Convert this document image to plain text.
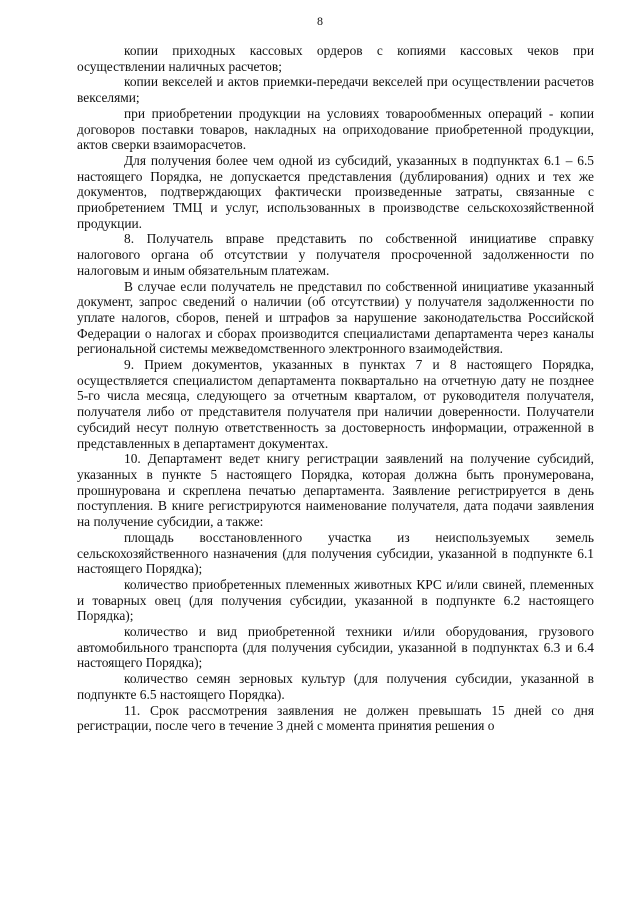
8

копии приходных кассовых ордеров с копиями кассовых чеков при осуществлении наличных расчетов;

копии векселей и актов приемки-передачи векселей при осуществлении расчетов векселями;

при приобретении продукции на условиях товарообменных операций - копии договоров поставки товаров, накладных на оприходование приобретенной продукции, актов сверки взаиморасчетов.

Для получения более чем одной из субсидий, указанных в подпунктах 6.1 – 6.5 настоящего Порядка, не допускается представления (дублирования) одних и тех же документов, подтверждающих фактически произведенные затраты, связанные с приобретением ТМЦ и услуг, использованных в производстве сельскохозяйственной продукции.

8. Получатель вправе представить по собственной инициативе справку налогового органа об отсутствии у получателя просроченной задолженности по налоговым и иным обязательным платежам.

В случае если получатель не представил по собственной инициативе указанный документ, запрос сведений о наличии (об отсутствии) у получателя задолженности по уплате налогов, сборов, пеней и штрафов за нарушение законодательства Российской Федерации о налогах и сборах производится специалистами департамента через каналы региональной системы межведомственного электронного взаимодействия.

9. Прием документов, указанных в пунктах 7 и 8 настоящего Порядка, осуществляется специалистом департамента поквартально на отчетную дату не позднее 5-го числа месяца, следующего за отчетным кварталом, от руководителя получателя, получателя либо от представителя получателя при наличии доверенности. Получатели субсидий несут полную ответственность за достоверность информации, отраженной в представленных в департамент документах.

10. Департамент ведет книгу регистрации заявлений на получение субсидий, указанных в пункте 5 настоящего Порядка, которая должна быть пронумерована, прошнурована и скреплена печатью департамента. Заявление регистрируется в день поступления. В книге регистрируются наименование получателя, дата подачи заявления на получение субсидии, а также:

площадь восстановленного участка из неиспользуемых земель сельскохозяйственного назначения (для получения субсидии, указанной в подпункте 6.1 настоящего Порядка);

количество приобретенных племенных животных КРС и/или свиней, племенных и товарных овец (для получения субсидии, указанной в подпункте 6.2 настоящего Порядка);

количество и вид приобретенной техники и/или оборудования, грузового автомобильного транспорта (для получения субсидии, указанной в подпунктах 6.3 и 6.4 настоящего Порядка);

количество семян зерновых культур (для получения субсидии, указанной в подпункте 6.5 настоящего Порядка).

11. Срок рассмотрения заявления не должен превышать 15 дней со дня регистрации, после чего в течение 3 дней с момента принятия решения о
